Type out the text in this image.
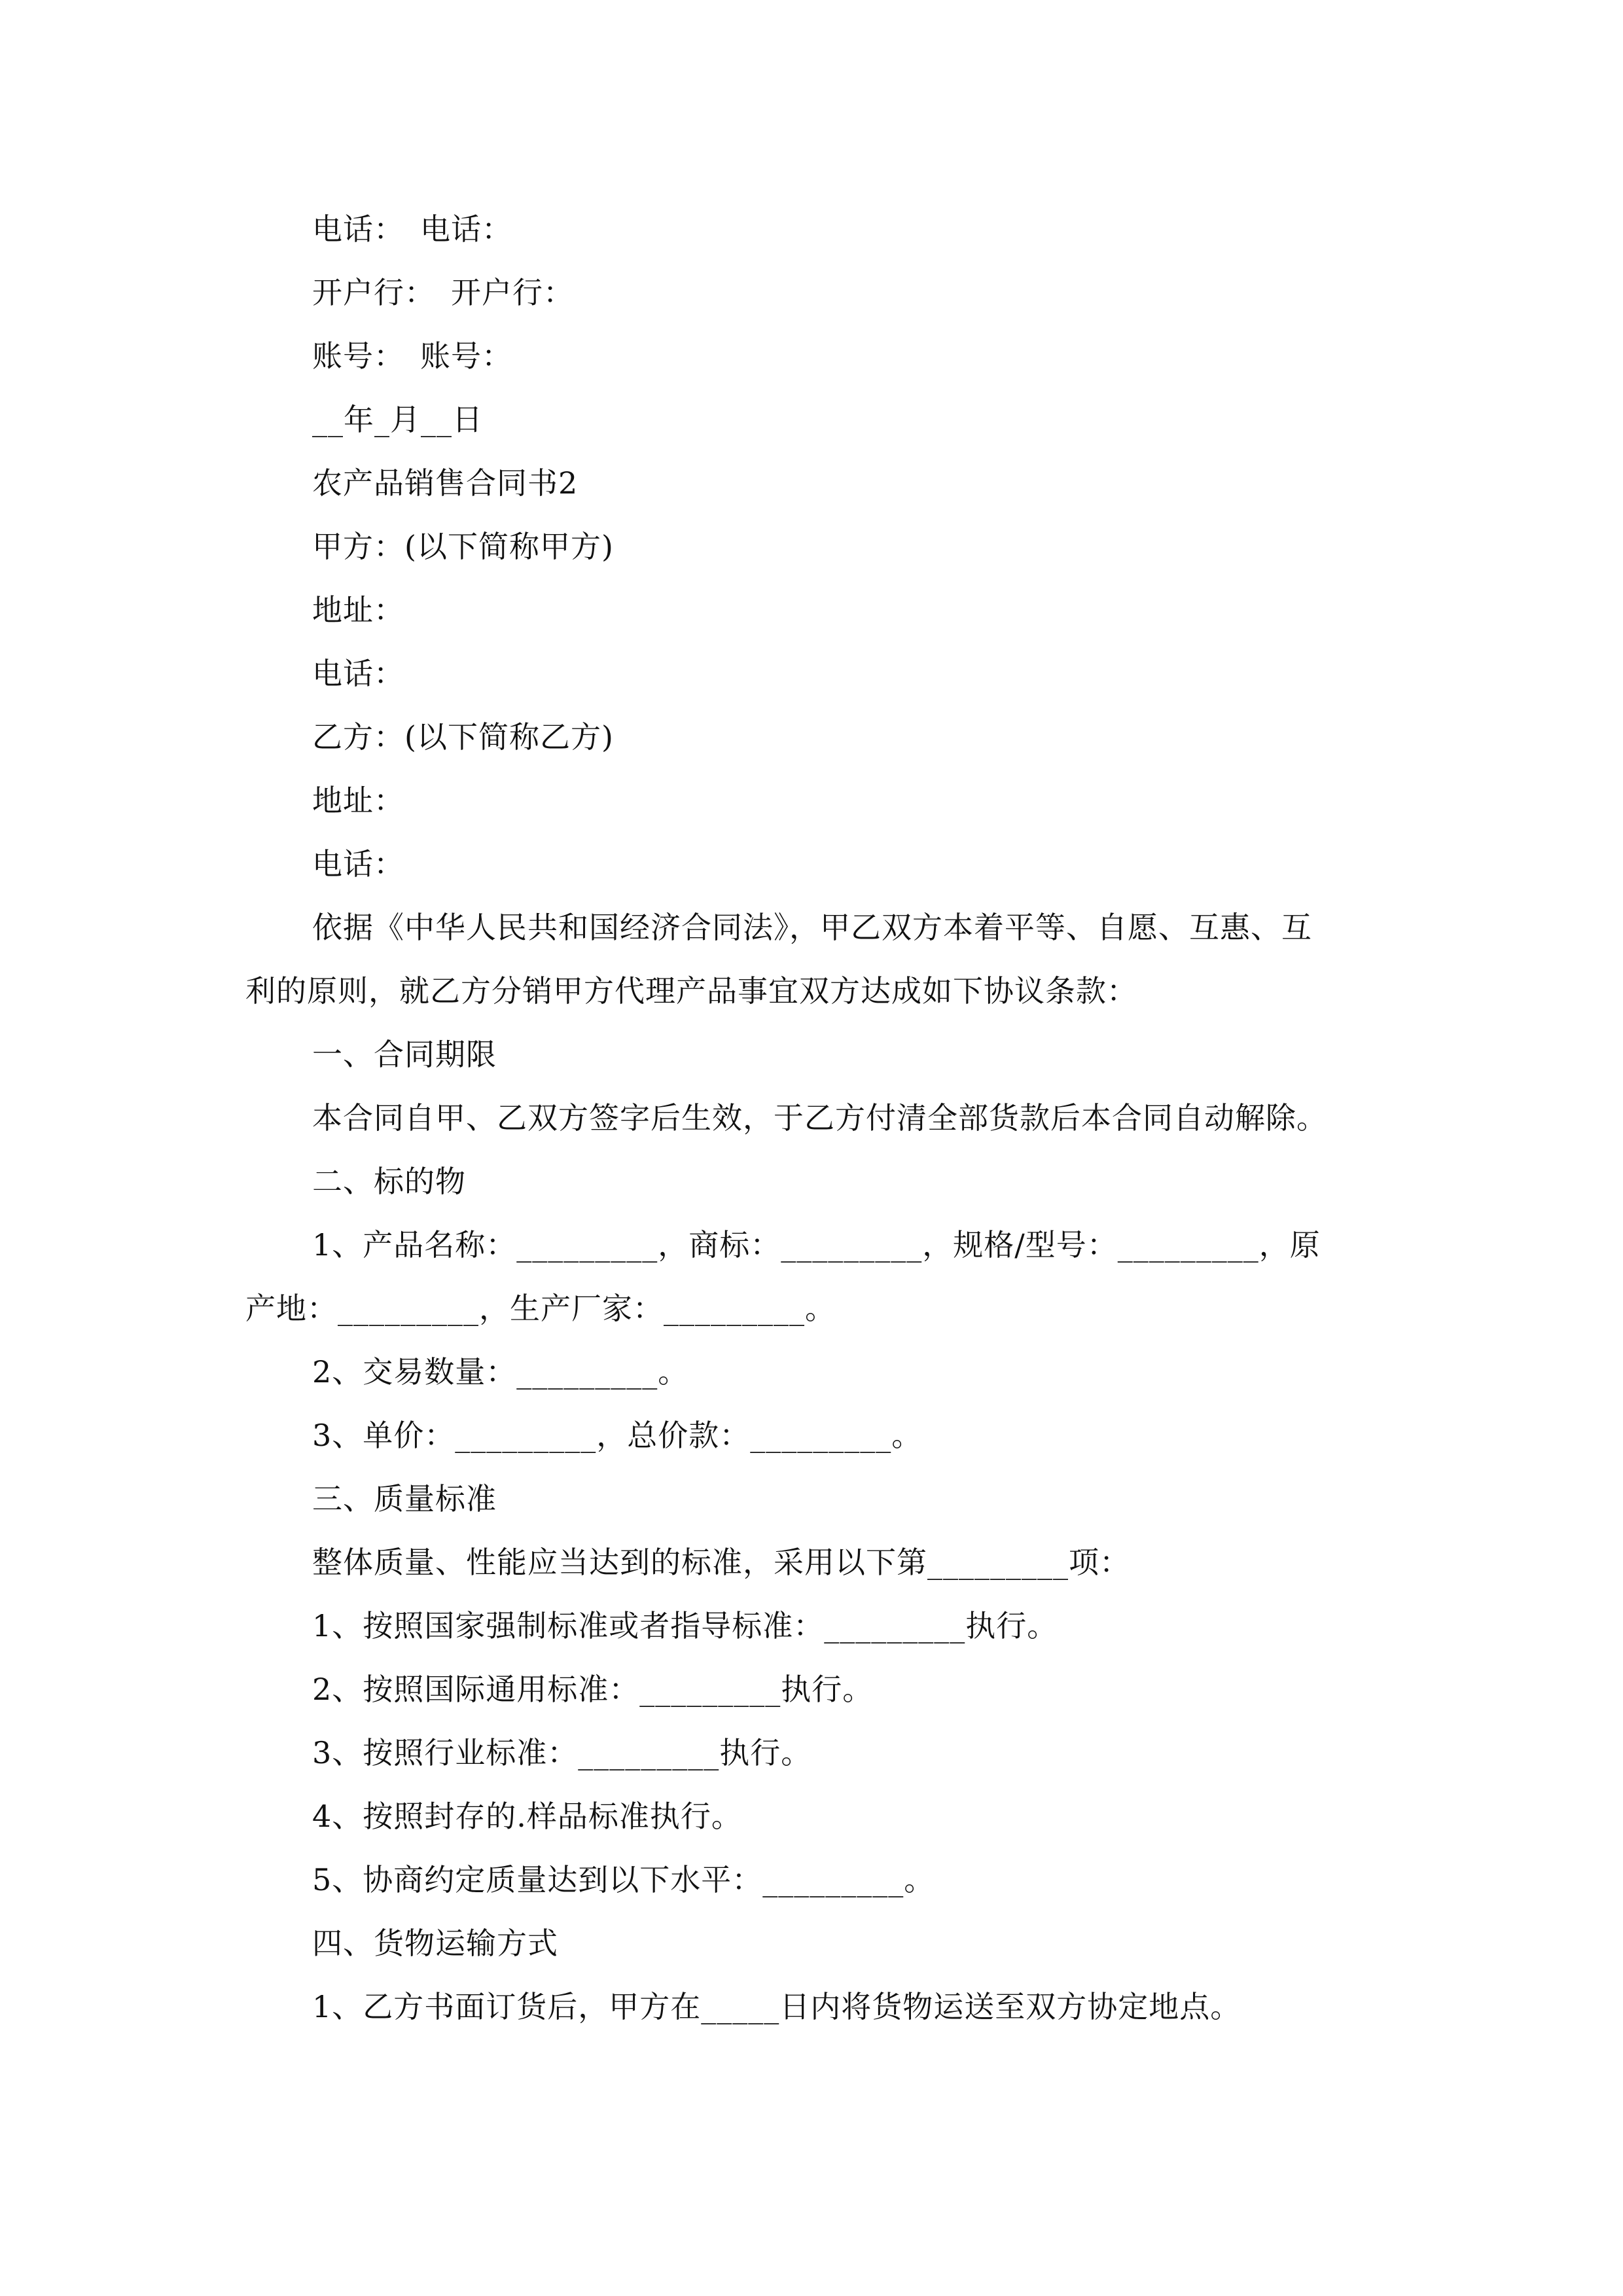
电话：　电话：
开户行：　开户行：
账号：　账号：
__年_月__日
农产品销售合同书2
甲方：(以下简称甲方)
地址：
电话：
乙方：(以下简称乙方)
地址：
电话：
依据《中华人民共和国经济合同法》，甲乙双方本着平等、自愿、互惠、互
利的原则，就乙方分销甲方代理产品事宜双方达成如下协议条款：
一、合同期限
本合同自甲、乙双方签字后生效，于乙方付清全部货款后本合同自动解除。
二、标的物
1、产品名称：_________，商标：_________，规格/型号：_________，原
产地：_________，生产厂家：_________。
2、交易数量：_________。
3、单价：_________，总价款：_________。
三、质量标准
整体质量、性能应当达到的标准，采用以下第_________项：
1、按照国家强制标准或者指导标准：_________执行。
2、按照国际通用标准：_________执行。
3、按照行业标准：_________执行。
4、按照封存的.样品标准执行。
5、协商约定质量达到以下水平：_________。
四、货物运输方式
1、乙方书面订货后，甲方在_____日内将货物运送至双方协定地点。
